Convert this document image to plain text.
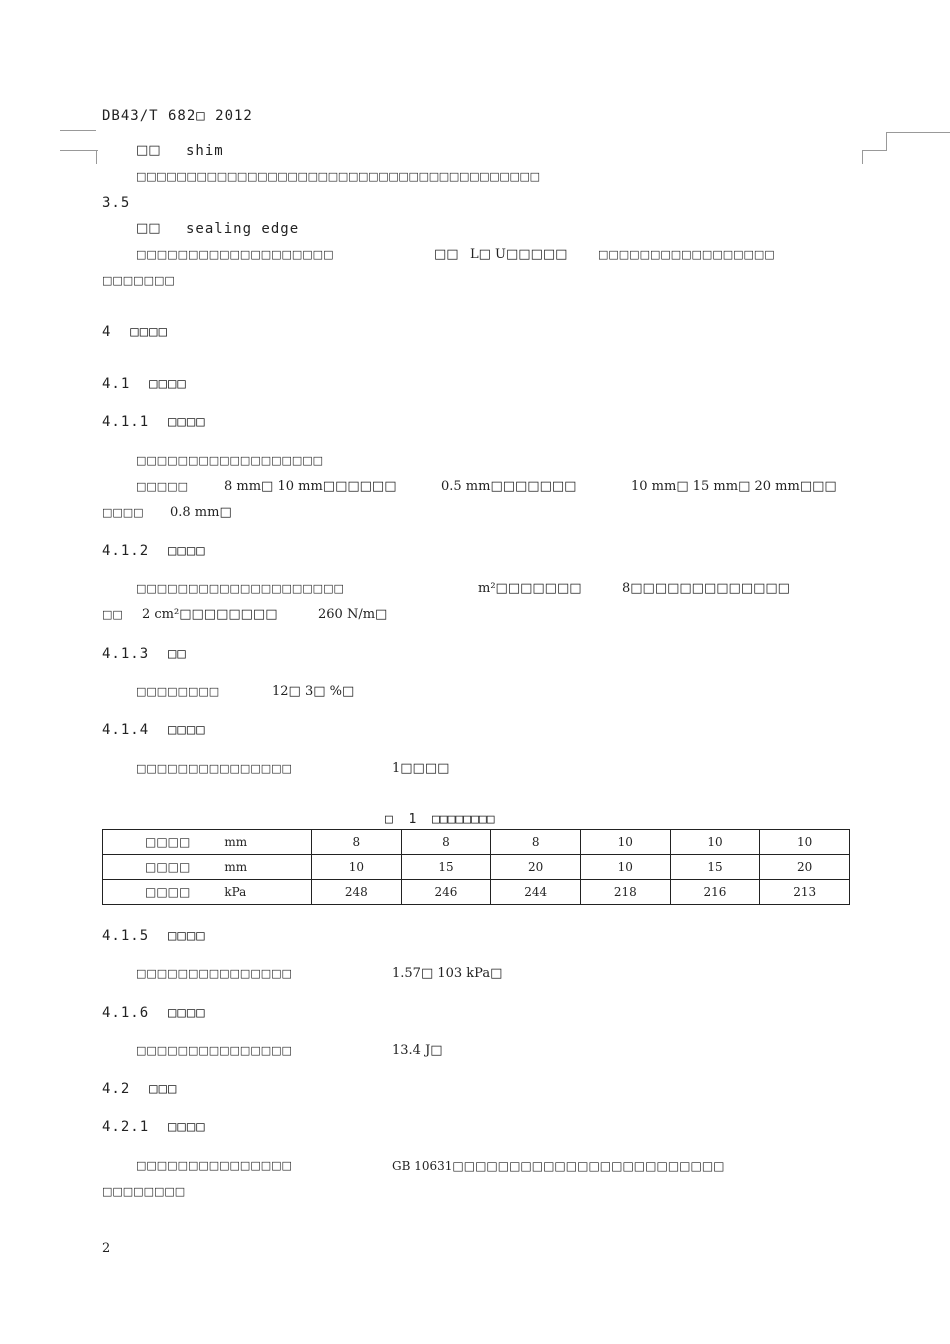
DB43/T 682□ 2012
□□ shim
□□□□□□□□□□□□□□□□□□□□□□□□□□□□□□□□□□□□□□□□
3.5
□□ sealing edge
□□□□□□□□□□□□□□□□□□□	□□ L□ U□□□□□	□□□□□□□□□□□□□□□□□
□□□□□□□
4  □□□□
4.1  □□□□
4.1.1  □□□□
□□□□□□□□□□□□□□□□□□
□□□□□	8 mm□ 10 mm□□□□□□	0.5 mm□□□□□□□	10 mm□ 15 mm□ 20 mm□□□
□□□□ 0.8 mm□
4.1.2  □□□□
□□□□□□□□□□□□□□□□□□□□	m²□□□□□□□	8□□□□□□□□□□□□□
□□ 2 cm²□□□□□□□□	260 N/m□
4.1.3  □□
□□□□□□□□	12□ 3□ %□
4.1.4  □□□□
□□□□□□□□□□□□□□□	1□□□□
□  1  □□□□□□□□
□□□□ mm	8	8	8	10	10	10
□□□□ mm	10	15	20	10	15	20
□□□□ kPa	248	246	244	218	216	213
4.1.5  □□□□
□□□□□□□□□□□□□□□	1.57□ 103 kPa□
4.1.6  □□□□
□□□□□□□□□□□□□□□	13.4 J□
4.2  □□□
4.2.1  □□□□
□□□□□□□□□□□□□□□	GB 10631□□□□□□□□□□□□□□□□□□□□□□□□
□□□□□□□□
2
